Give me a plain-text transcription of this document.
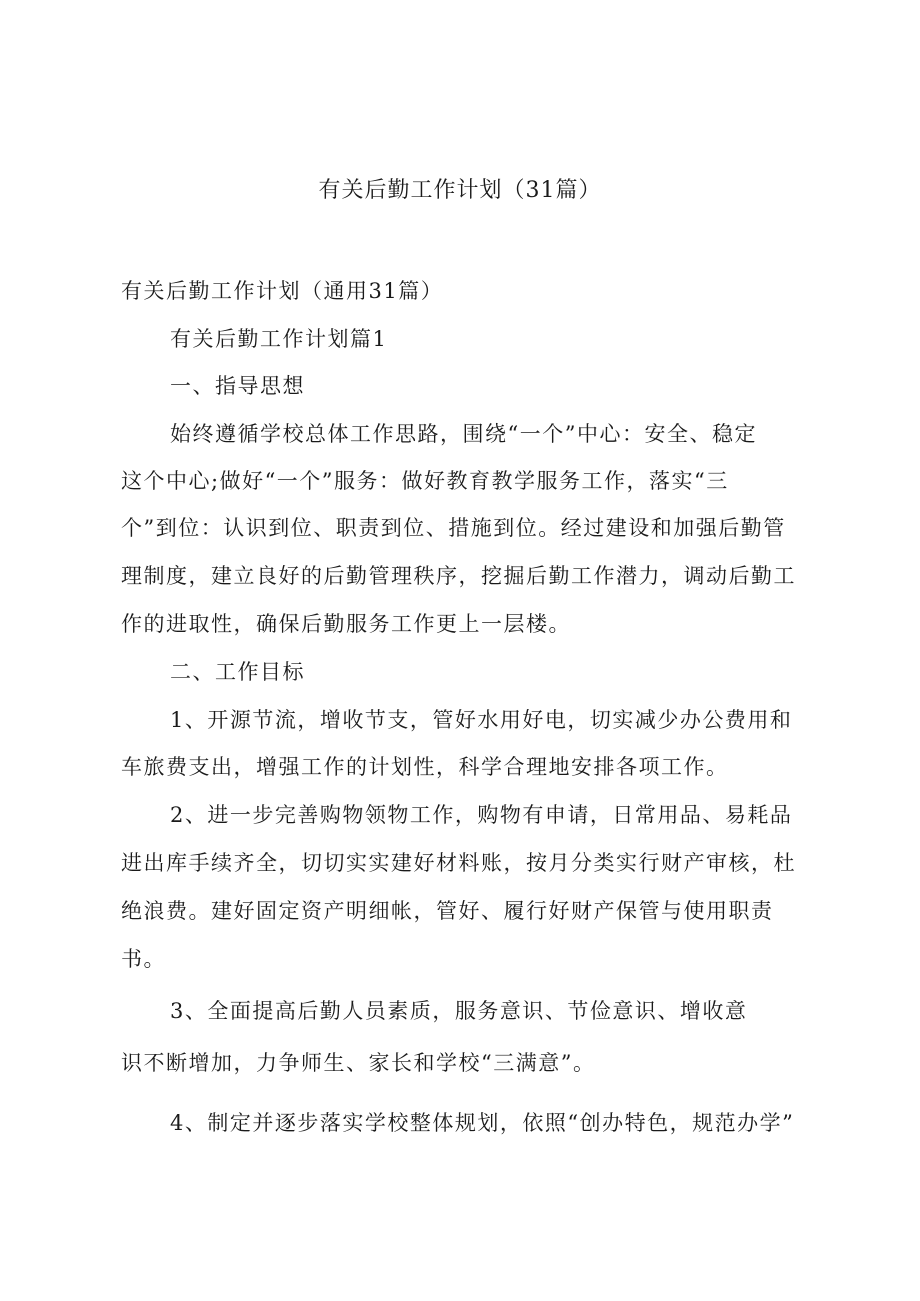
有关后勤工作计划（31篇）
有关后勤工作计划（通用31篇）
有关后勤工作计划篇1
一、指导思想
始终遵循学校总体工作思路，围绕“一个”中心：安全、稳定
这个中心;做好“一个”服务：做好教育教学服务工作，落实“三
个”到位：认识到位、职责到位、措施到位。经过建设和加强后勤管
理制度，建立良好的后勤管理秩序，挖掘后勤工作潜力，调动后勤工
作的进取性，确保后勤服务工作更上一层楼。
二、工作目标
1、开源节流，增收节支，管好水用好电，切实减少办公费用和
车旅费支出，增强工作的计划性，科学合理地安排各项工作。
2、进一步完善购物领物工作，购物有申请，日常用品、易耗品
进出库手续齐全，切切实实建好材料账，按月分类实行财产审核，杜
绝浪费。建好固定资产明细帐，管好、履行好财产保管与使用职责
书。
3、全面提高后勤人员素质，服务意识、节俭意识、增收意
识不断增加，力争师生、家长和学校“三满意”。
4、制定并逐步落实学校整体规划，依照“创办特色，规范办学”
